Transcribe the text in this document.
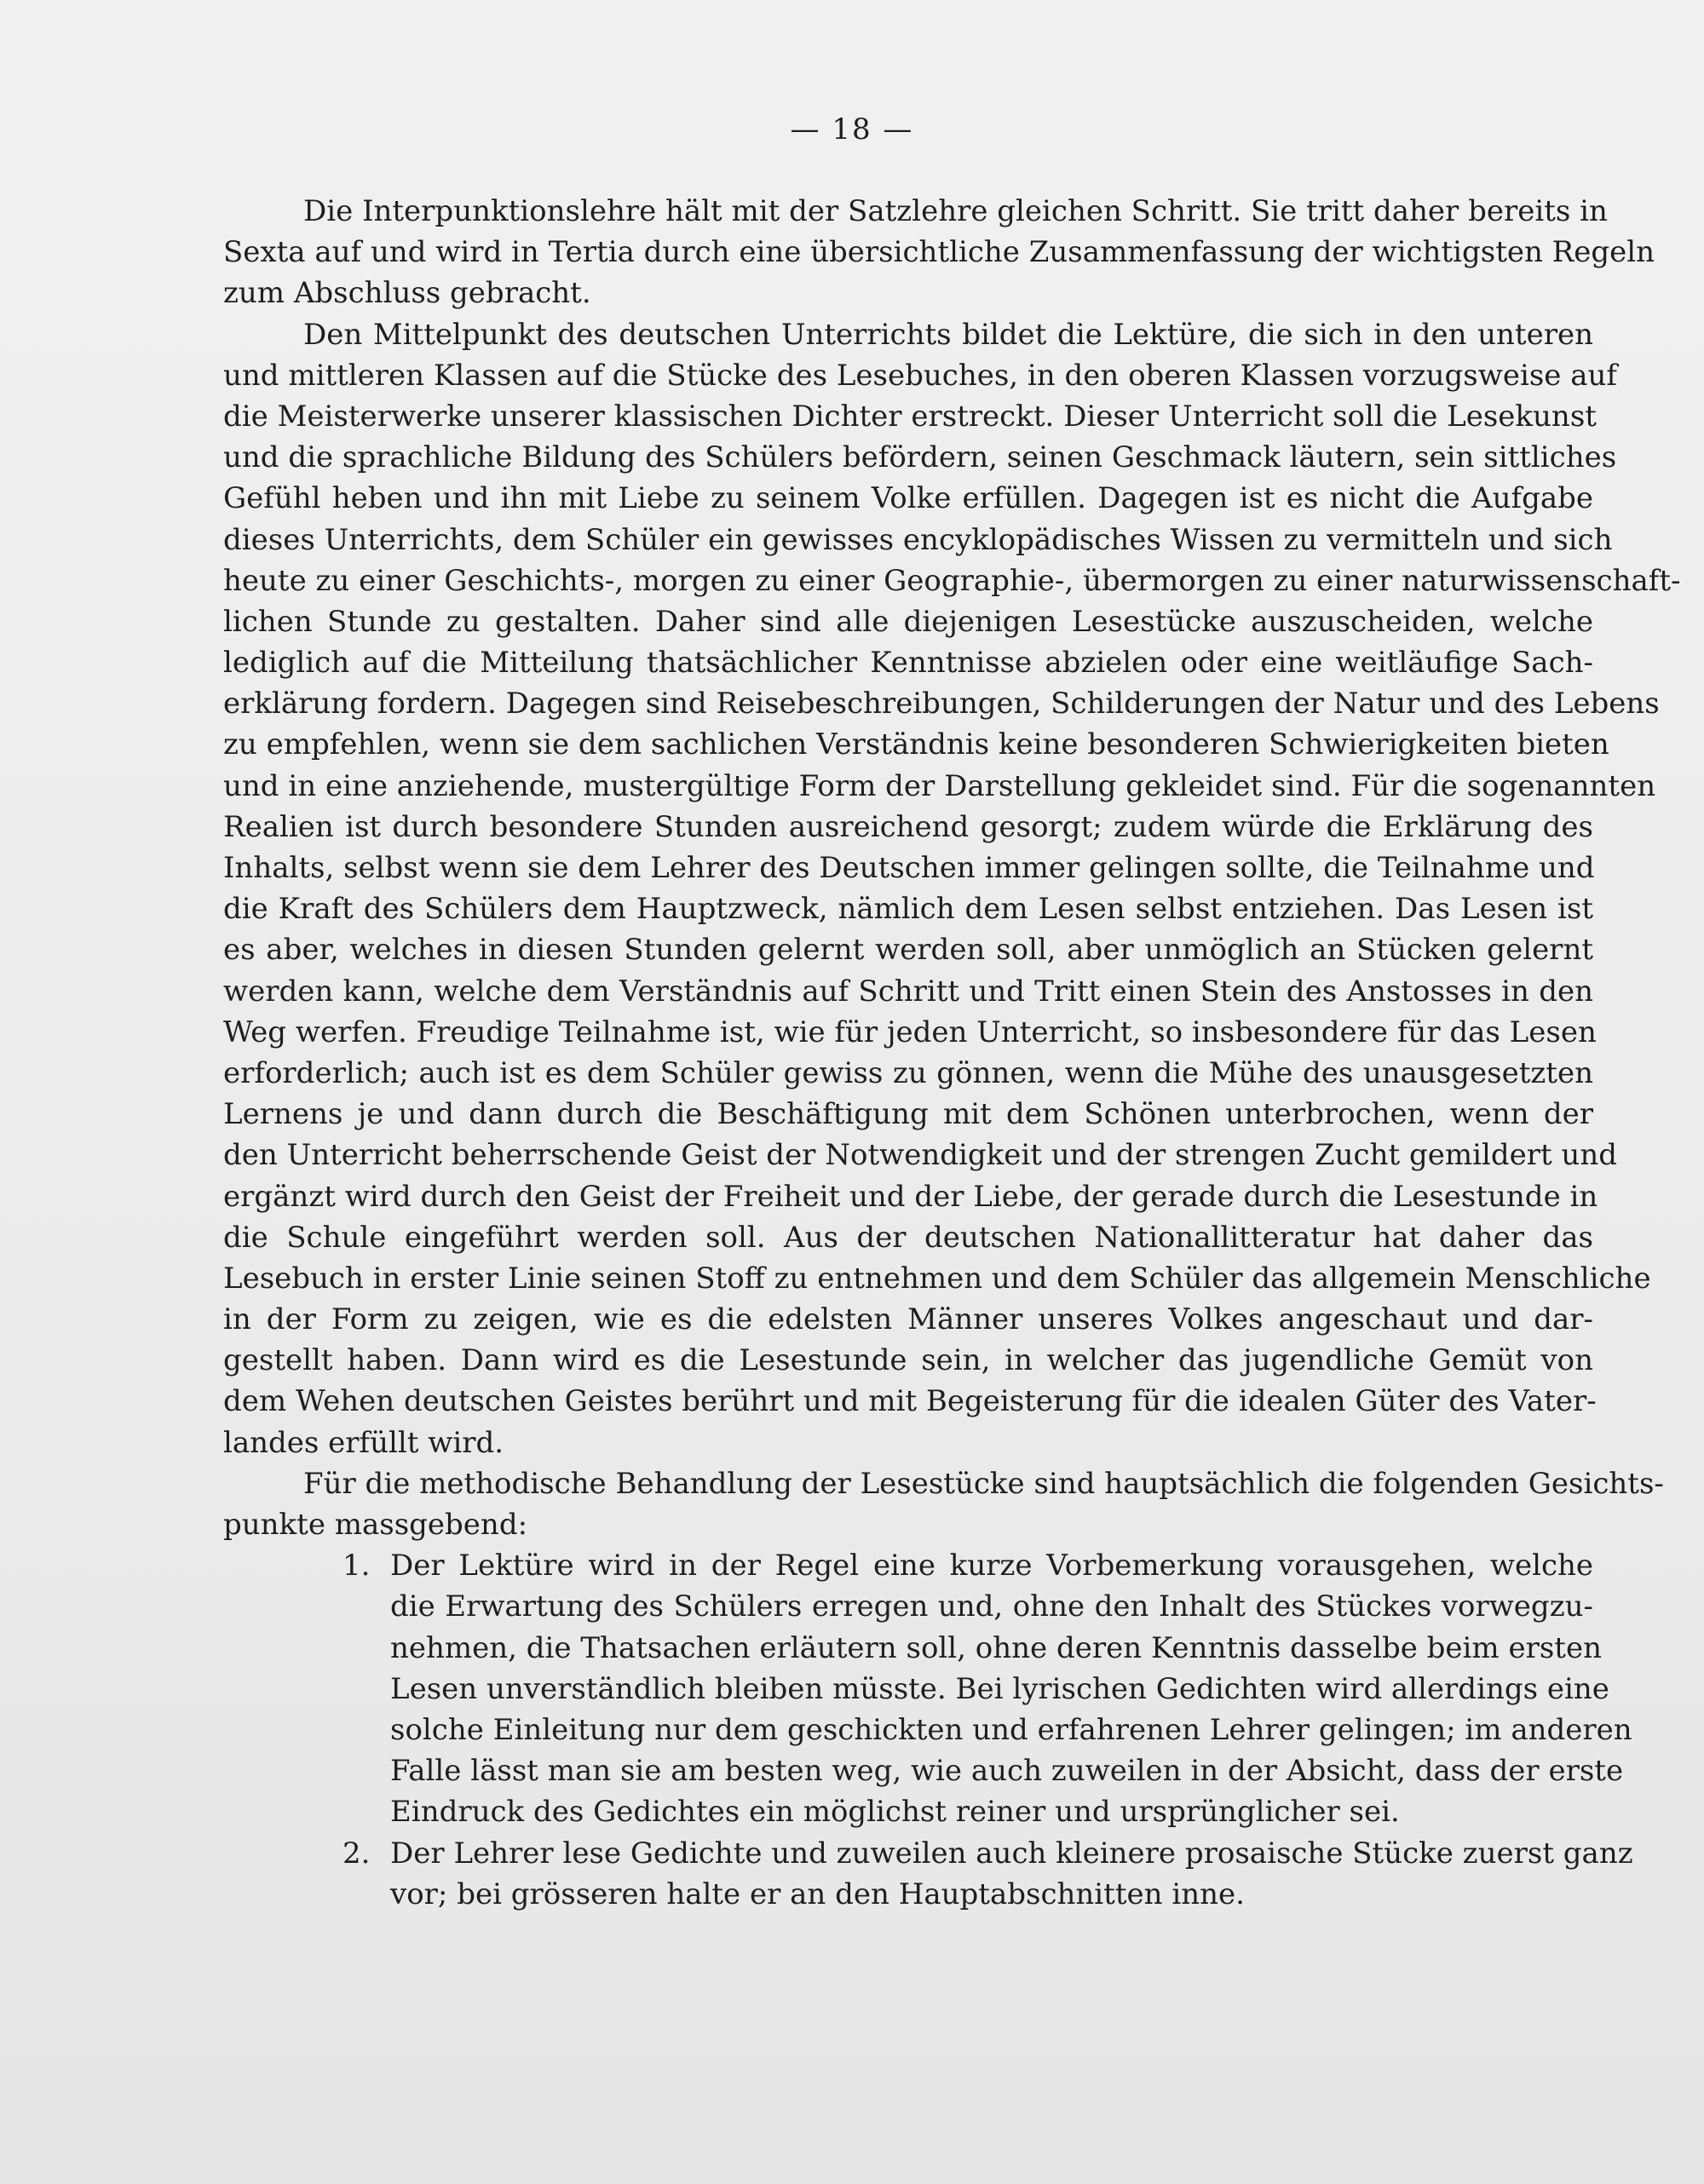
— 18 —
Die Interpunktionslehre hält mit der Satzlehre gleichen Schritt. Sie tritt daher bereits in
Sexta auf und wird in Tertia durch eine übersichtliche Zusammenfassung der wichtigsten Regeln
zum Abschluss gebracht.
Den Mittelpunkt des deutschen Unterrichts bildet die Lektüre, die sich in den unteren
und mittleren Klassen auf die Stücke des Lesebuches, in den oberen Klassen vorzugsweise auf
die Meisterwerke unserer klassischen Dichter erstreckt. Dieser Unterricht soll die Lesekunst
und die sprachliche Bildung des Schülers befördern, seinen Geschmack läutern, sein sittliches
Gefühl heben und ihn mit Liebe zu seinem Volke erfüllen. Dagegen ist es nicht die Aufgabe
dieses Unterrichts, dem Schüler ein gewisses encyklopädisches Wissen zu vermitteln und sich
heute zu einer Geschichts-, morgen zu einer Geographie-, übermorgen zu einer naturwissenschaft-
lichen Stunde zu gestalten. Daher sind alle diejenigen Lesestücke auszuscheiden, welche
lediglich auf die Mitteilung thatsächlicher Kenntnisse abzielen oder eine weitläufige Sach-
erklärung fordern. Dagegen sind Reisebeschreibungen, Schilderungen der Natur und des Lebens
zu empfehlen, wenn sie dem sachlichen Verständnis keine besonderen Schwierigkeiten bieten
und in eine anziehende, mustergültige Form der Darstellung gekleidet sind. Für die sogenannten
Realien ist durch besondere Stunden ausreichend gesorgt; zudem würde die Erklärung des
Inhalts, selbst wenn sie dem Lehrer des Deutschen immer gelingen sollte, die Teilnahme und
die Kraft des Schülers dem Hauptzweck, nämlich dem Lesen selbst entziehen. Das Lesen ist
es aber, welches in diesen Stunden gelernt werden soll, aber unmöglich an Stücken gelernt
werden kann, welche dem Verständnis auf Schritt und Tritt einen Stein des Anstosses in den
Weg werfen. Freudige Teilnahme ist, wie für jeden Unterricht, so insbesondere für das Lesen
erforderlich; auch ist es dem Schüler gewiss zu gönnen, wenn die Mühe des unausgesetzten
Lernens je und dann durch die Beschäftigung mit dem Schönen unterbrochen, wenn der
den Unterricht beherrschende Geist der Notwendigkeit und der strengen Zucht gemildert und
ergänzt wird durch den Geist der Freiheit und der Liebe, der gerade durch die Lesestunde in
die Schule eingeführt werden soll. Aus der deutschen Nationallitteratur hat daher das
Lesebuch in erster Linie seinen Stoff zu entnehmen und dem Schüler das allgemein Menschliche
in der Form zu zeigen, wie es die edelsten Männer unseres Volkes angeschaut und dar-
gestellt haben. Dann wird es die Lesestunde sein, in welcher das jugendliche Gemüt von
dem Wehen deutschen Geistes berührt und mit Begeisterung für die idealen Güter des Vater-
landes erfüllt wird.
Für die methodische Behandlung der Lesestücke sind hauptsächlich die folgenden Gesichts-
punkte massgebend:
1. Der Lektüre wird in der Regel eine kurze Vorbemerkung vorausgehen, welche
die Erwartung des Schülers erregen und, ohne den Inhalt des Stückes vorwegzu-
nehmen, die Thatsachen erläutern soll, ohne deren Kenntnis dasselbe beim ersten
Lesen unverständlich bleiben müsste. Bei lyrischen Gedichten wird allerdings eine
solche Einleitung nur dem geschickten und erfahrenen Lehrer gelingen; im anderen
Falle lässt man sie am besten weg, wie auch zuweilen in der Absicht, dass der erste
Eindruck des Gedichtes ein möglichst reiner und ursprünglicher sei.
2. Der Lehrer lese Gedichte und zuweilen auch kleinere prosaische Stücke zuerst ganz
vor; bei grösseren halte er an den Hauptabschnitten inne.
